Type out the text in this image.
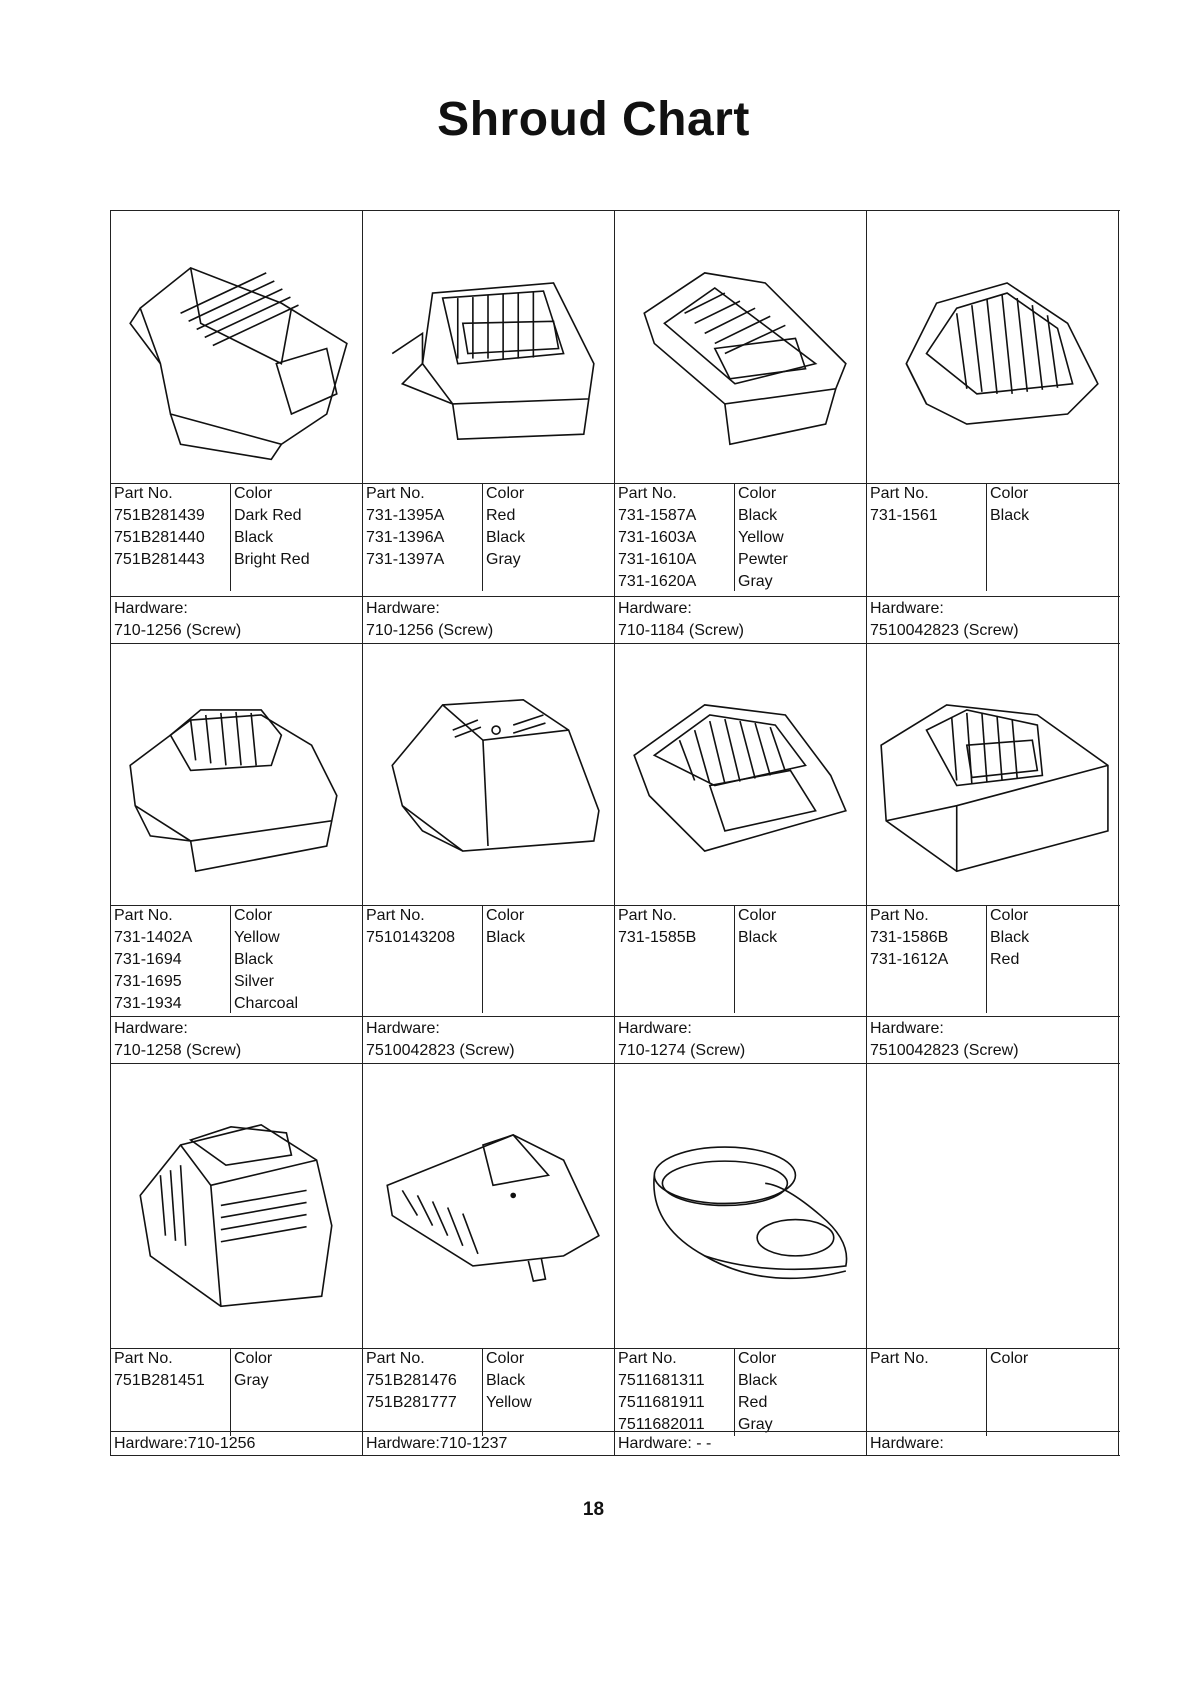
Shroud Chart
Part No.	Color
751B281439 Dark Red
751B281440 Black
751B281443 Bright Red
Hardware:
710-1256 (Screw)
Part No.	Color
731-1395A	Red
731-1396A	Black
731-1397A	Gray
Hardware:
710-1256 (Screw)
Part No.	Color
731-1587A	Black
731-1603A	Yellow
731-1610A	Pewter
731-1620A	Gray
Hardware:
710-1184 (Screw)
Part No.	Color
731-1561	Black
Hardware:
7510042823 (Screw)
Part No.	Color
731-1402A	Yellow
731-1694	Black
731-1695	Silver
731-1934	Charcoal
Hardware:
710-1258 (Screw)
Part No.	Color
7510143208 Black
Hardware:
7510042823 (Screw)
Part No.	Color
731-1585B	Black
Hardware:
710-1274 (Screw)
Part No.	Color
731-1586B	Black
731-1612A	Red
Hardware:
7510042823 (Screw)
Part No.	Color
751B281451 Gray
Hardware:710-1256
Part No.	Color
751B281476 Black
751B281777 Yellow
Hardware:710-1237
Part No.	Color
7511681311 Black
7511681911 Red
7511682011 Gray
Hardware: - -
Part No.	Color
Hardware:
18
